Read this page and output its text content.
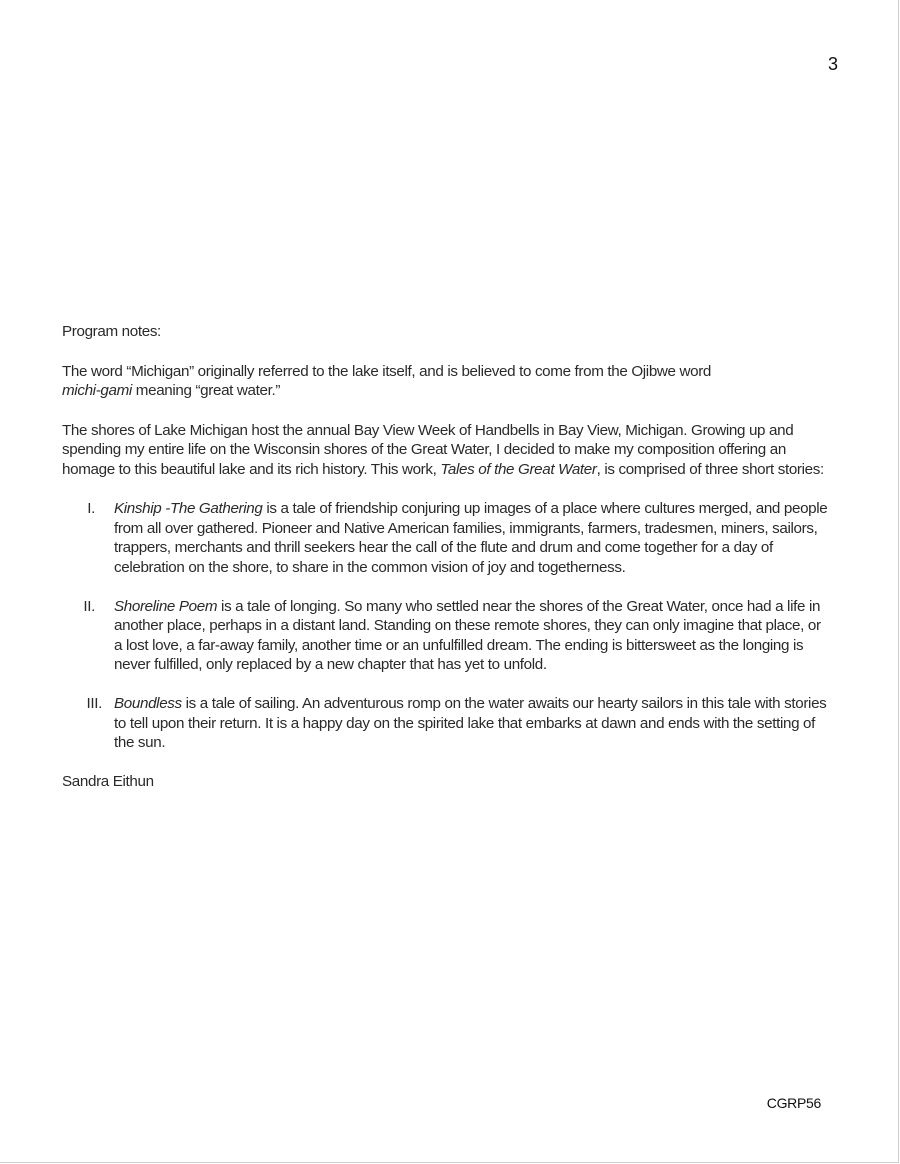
3

Program notes:

The word “Michigan” originally referred to the lake itself, and is believed to come from the Ojibwe word
michi-gami meaning “great water.”

The shores of Lake Michigan host the annual Bay View Week of Handbells in Bay View, Michigan. Growing up and spending my entire life on the Wisconsin shores of the Great Water, I decided to make my composition offering an homage to this beautiful lake and its rich history. This work, Tales of the Great Water, is comprised of three short stories:

I. Kinship -The Gathering is a tale of friendship conjuring up images of a place where cultures merged, and people from all over gathered. Pioneer and Native American families, immigrants, farmers, tradesmen, miners, sailors, trappers, merchants and thrill seekers hear the call of the flute and drum and come together for a day of celebration on the shore, to share in the common vision of joy and togetherness.
II. Shoreline Poem is a tale of longing. So many who settled near the shores of the Great Water, once had a life in another place, perhaps in a distant land. Standing on these remote shores, they can only imagine that place, or a lost love, a far-away family, another time or an unfulfilled dream. The ending is bittersweet as the longing is never fulfilled, only replaced by a new chapter that has yet to unfold.
III. Boundless is a tale of sailing. An adventurous romp on the water awaits our hearty sailors in this tale with stories to tell upon their return. It is a happy day on the spirited lake that embarks at dawn and ends with the setting of the sun.

Sandra Eithun

CGRP56
